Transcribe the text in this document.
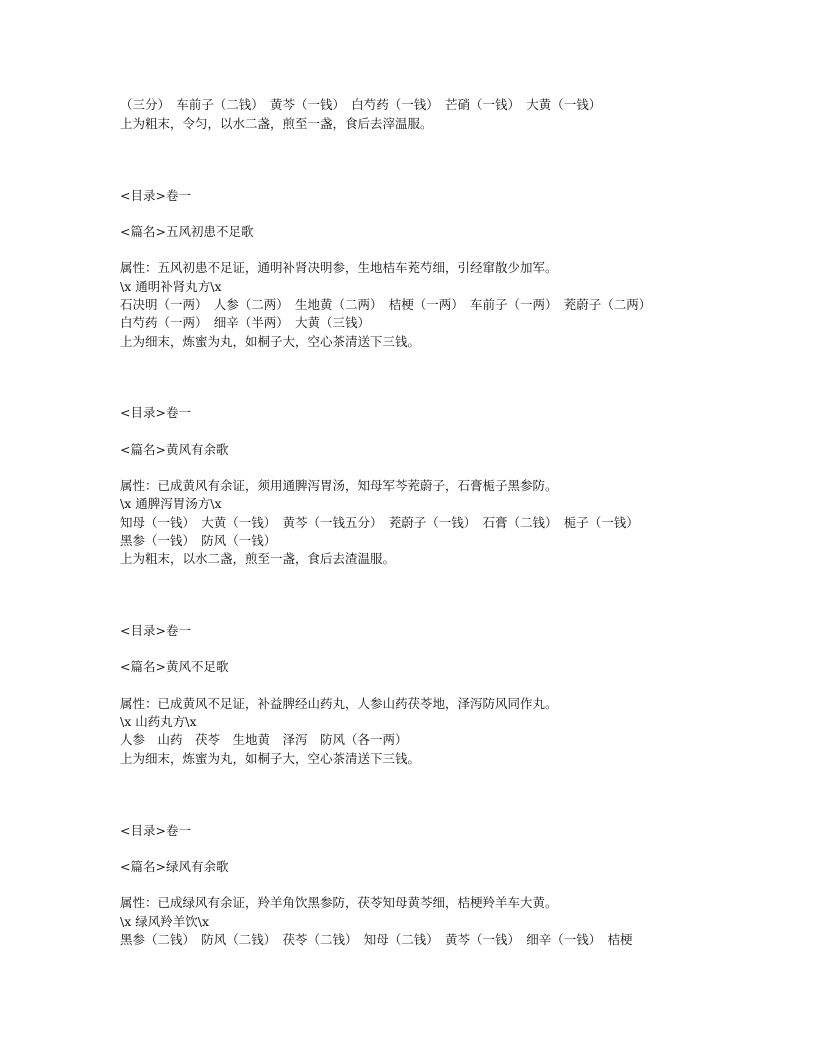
（三分）　车前子（二钱）　黄芩（一钱）　白芍药（一钱）　芒硝（一钱）　大黄（一钱）
上为粗末，令匀，以水二盏，煎至一盏，食后去滓温服。
<目录>卷一
<篇名>五风初患不足歌
属性：五风初患不足证，通明补肾决明参，生地桔车茺芍细，引经窜散少加军。
\x 通明补肾丸方\x
石决明（一两）　人参（二两）　生地黄（二两）　桔梗（一两）　车前子（一两）　茺蔚子（二两）
白芍药（一两）　细辛（半两）　大黄（三钱）
上为细末，炼蜜为丸，如桐子大，空心茶清送下三钱。
<目录>卷一
<篇名>黄风有余歌
属性：已成黄风有余证，须用通脾泻胃汤，知母军芩茺蔚子，石膏栀子黑参防。
\x 通脾泻胃汤方\x
知母（一钱）　大黄（一钱）　黄芩（一钱五分）　茺蔚子（一钱）　石膏（二钱）　栀子（一钱）
黑参（一钱）　防风（一钱）
上为粗末，以水二盏，煎至一盏，食后去渣温服。
<目录>卷一
<篇名>黄风不足歌
属性：已成黄风不足证，补益脾经山药丸，人参山药茯苓地，泽泻防风同作丸。
\x 山药丸方\x
人参　山药　茯苓　生地黄　泽泻　防风（各一两）
上为细末，炼蜜为丸，如桐子大，空心茶清送下三钱。
<目录>卷一
<篇名>绿风有余歌
属性：已成绿风有余证，羚羊角饮黑参防，茯苓知母黄芩细，桔梗羚羊车大黄。
\x 绿风羚羊饮\x
黑参（二钱）　防风（二钱）　茯苓（二钱）　知母（二钱）　黄芩（一钱）　细辛（一钱）　桔梗
